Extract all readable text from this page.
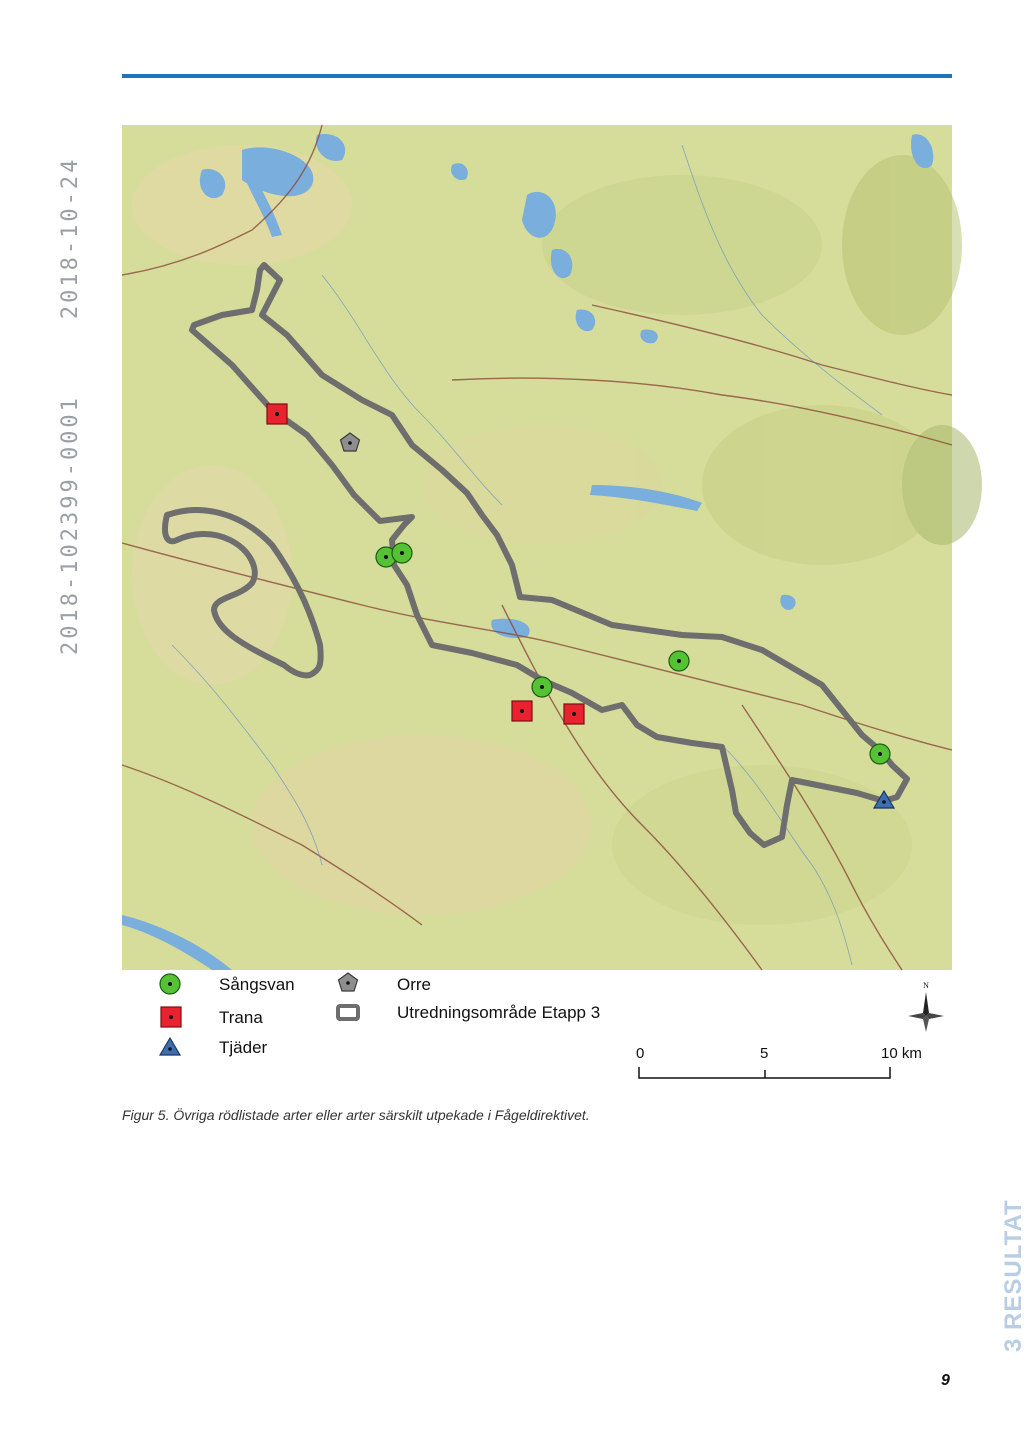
2018-102399-00012018-10-24
Sångsvan
Trana
Tjäder
Orre
Utredningsområde Etapp 3
N
0	5	10 km
Figur 5. Övriga rödlistade arter eller arter särskilt utpekade i Fågeldirektivet.
3 RESULTAT
9
